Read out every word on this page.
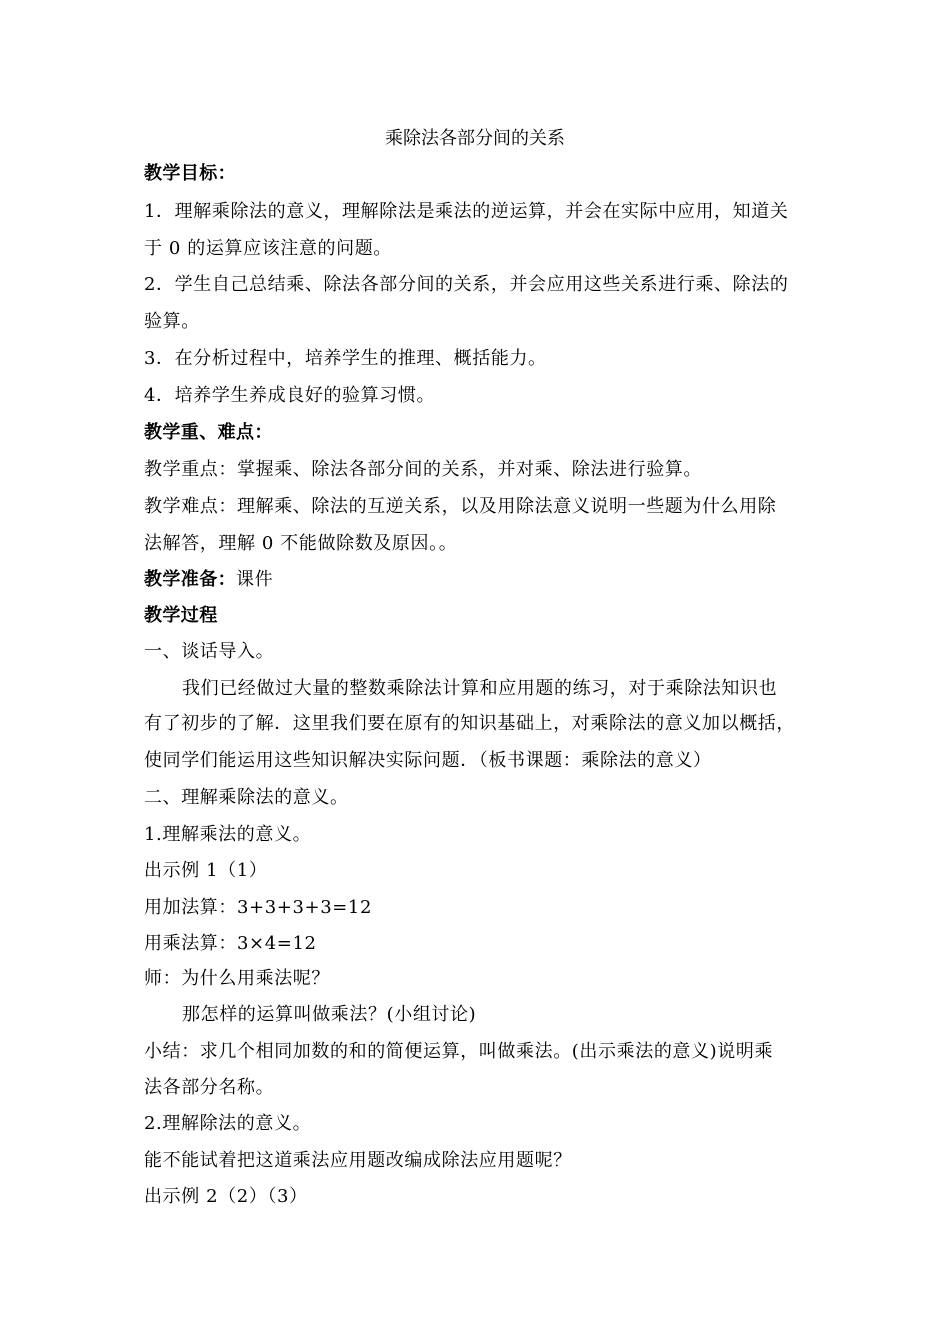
乘除法各部分间的关系
教学目标：
1．理解乘除法的意义，理解除法是乘法的逆运算，并会在实际中应用，知道关
于 0 的运算应该注意的问题。
2．学生自己总结乘、除法各部分间的关系，并会应用这些关系进行乘、除法的
验算。
3．在分析过程中，培养学生的推理、概括能力。
4．培养学生养成良好的验算习惯。
教学重、难点：
教学重点：掌握乘、除法各部分间的关系，并对乘、除法进行验算。
教学难点：理解乘、除法的互逆关系，以及用除法意义说明一些题为什么用除
法解答，理解 0 不能做除数及原因。。
教学准备：课件
教学过程
一、谈话导入。
我们已经做过大量的整数乘除法计算和应用题的练习，对于乘除法知识也
有了初步的了解．这里我们要在原有的知识基础上，对乘除法的意义加以概括，
使同学们能运用这些知识解决实际问题．（板书课题：乘除法的意义）
二、理解乘除法的意义。
1.理解乘法的意义。
出示例 1（1）
用加法算：3+3+3+3=12
用乘法算：3×4=12
师：为什么用乘法呢？
那怎样的运算叫做乘法？(小组讨论)
小结：求几个相同加数的和的简便运算，叫做乘法。(出示乘法的意义)说明乘
法各部分名称。
2.理解除法的意义。
能不能试着把这道乘法应用题改编成除法应用题呢？
出示例 2（2）（3）
